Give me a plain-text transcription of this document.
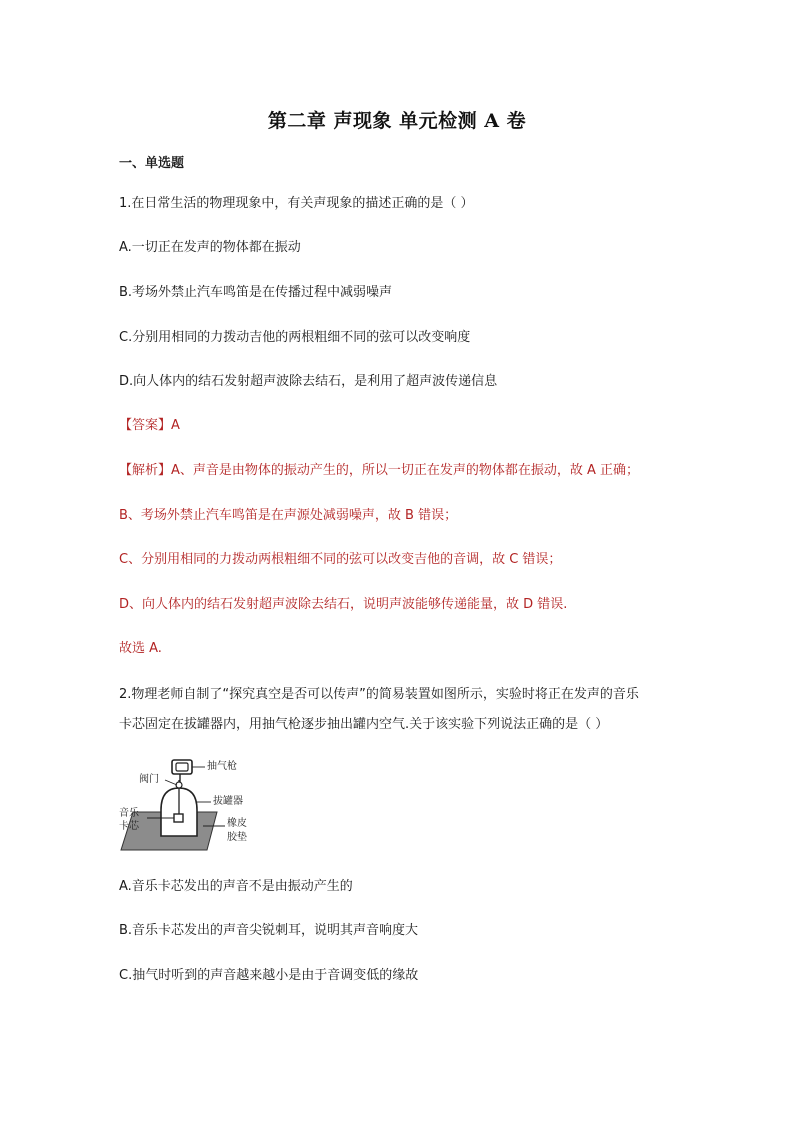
第二章 声现象 单元检测 A 卷
一、单选题
1.在日常生活的物理现象中，有关声现象的描述正确的是（ ）
A.一切正在发声的物体都在振动
B.考场外禁止汽车鸣笛是在传播过程中减弱噪声
C.分别用相同的力拨动吉他的两根粗细不同的弦可以改变响度
D.向人体内的结石发射超声波除去结石，是利用了超声波传递信息
【答案】A
【解析】A、声音是由物体的振动产生的，所以一切正在发声的物体都在振动，故 A 正确；
B、考场外禁止汽车鸣笛是在声源处减弱噪声，故 B 错误；
C、分别用相同的力拨动两根粗细不同的弦可以改变吉他的音调，故 C 错误；
D、向人体内的结石发射超声波除去结石，说明声波能够传递能量，故 D 错误.
故选 A.
2.物理老师自制了“探究真空是否可以传声”的简易装置如图所示，实验时将正在发声的音乐
卡芯固定在拔罐器内，用抽气枪逐步抽出罐内空气.关于该实验下列说法正确的是（ ）
抽气枪
阀门
拔罐器
音乐
卡芯	橡皮
胶垫
A.音乐卡芯发出的声音不是由振动产生的
B.音乐卡芯发出的声音尖锐刺耳，说明其声音响度大
C.抽气时听到的声音越来越小是由于音调变低的缘故
